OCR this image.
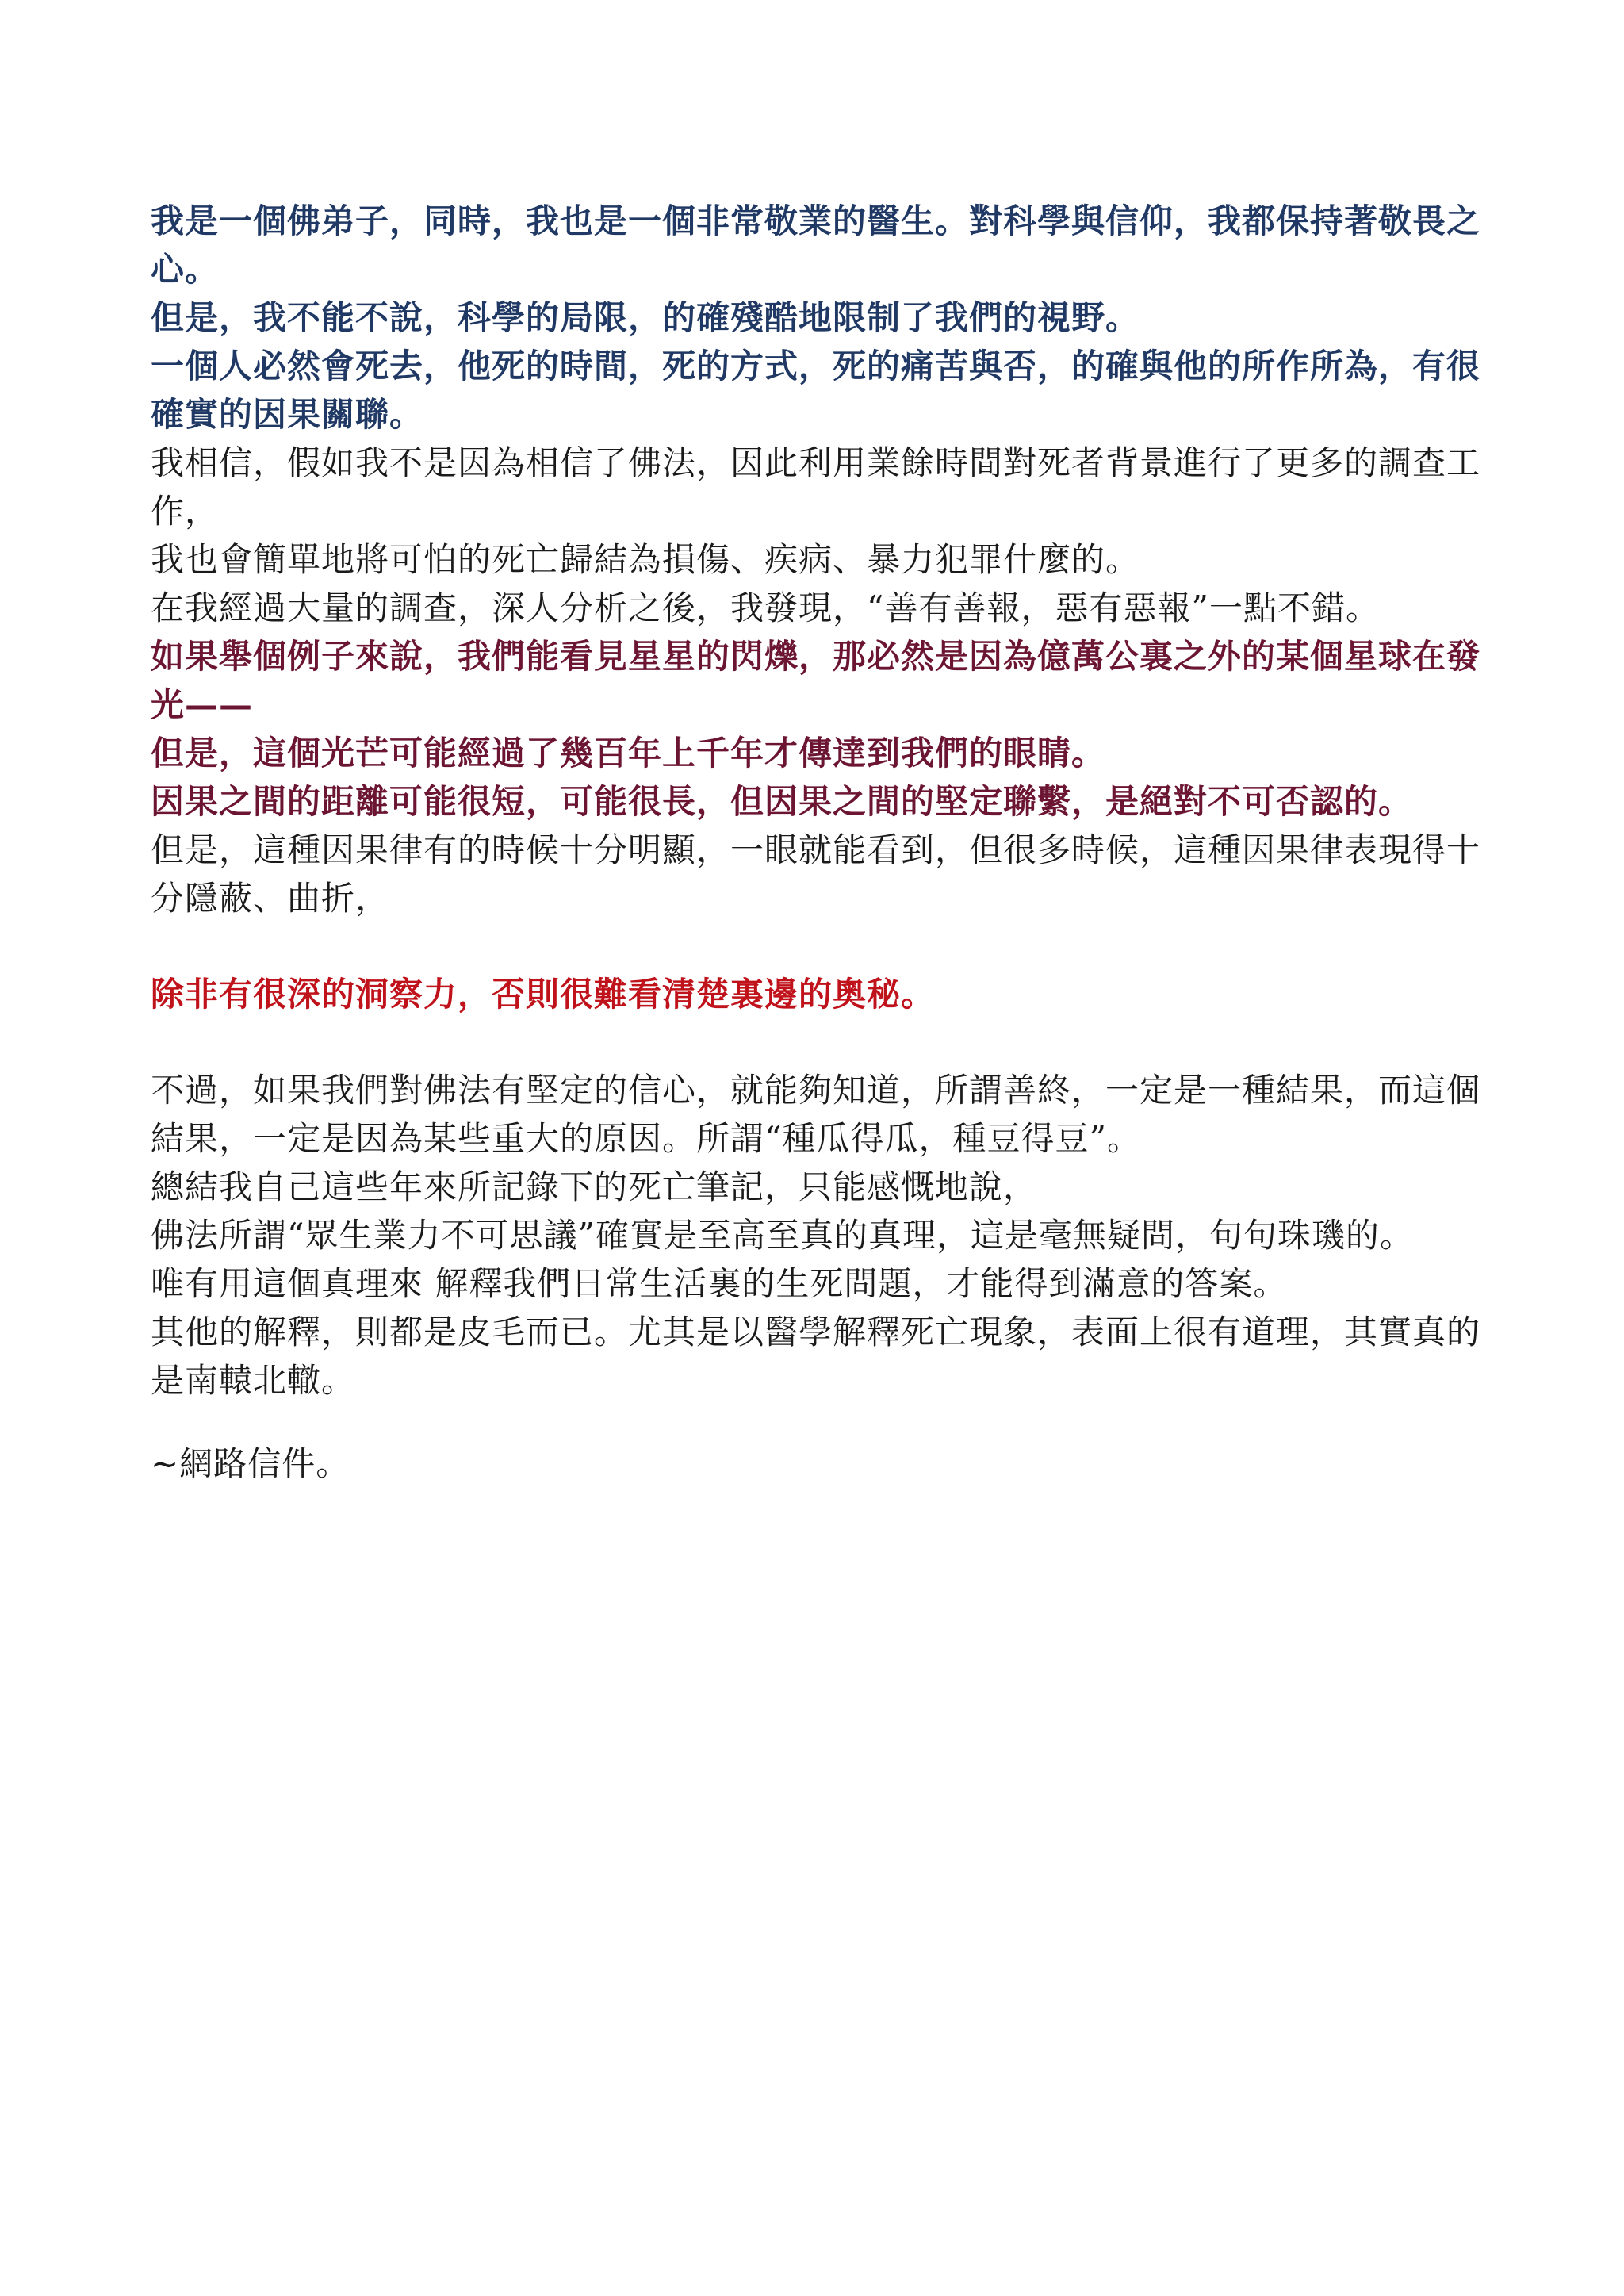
我是一個佛弟子，同時，我也是一個非常敬業的醫生。對科學與信仰，我都保持著敬畏之心。

但是，我不能不說，科學的局限，的確殘酷地限制了我們的視野。

一個人必然會死去，他死的時間，死的方式，死的痛苦與否，的確與他的所作所為，有很確實的因果關聯。

我相信，假如我不是因為相信了佛法，因此利用業餘時間對死者背景進行了更多的調查工作，

我也會簡單地將可怕的死亡歸結為損傷、疾病、暴力犯罪什麼的。

在我經過大量的調查，深人分析之後，我發現，“善有善報，惡有惡報”一點不錯。

如果舉個例子來說，我們能看見星星的閃爍，那必然是因為億萬公裏之外的某個星球在發光——

但是，這個光芒可能經過了幾百年上千年才傳達到我們的眼睛。

因果之間的距離可能很短，可能很長，但因果之間的堅定聯繫，是絕對不可否認的。

但是，這種因果律有的時候十分明顯，一眼就能看到，但很多時候，這種因果律表現得十分隱蔽、曲折，

除非有很深的洞察力，否則很難看清楚裏邊的奧秘。

不過，如果我們對佛法有堅定的信心，就能夠知道，所謂善終，一定是一種結果，而這個結果，一定是因為某些重大的原因。所謂“種瓜得瓜，種豆得豆”。

總結我自己這些年來所記錄下的死亡筆記，只能感慨地說，

佛法所謂“眾生業力不可思議”確實是至高至真的真理，這是毫無疑問，句句珠璣的。

唯有用這個真理來 解釋我們日常生活裏的生死問題，才能得到滿意的答案。

其他的解釋，則都是皮毛而已。尤其是以醫學解釋死亡現象，表面上很有道理，其實真的是南轅北轍。

~網路信件。
